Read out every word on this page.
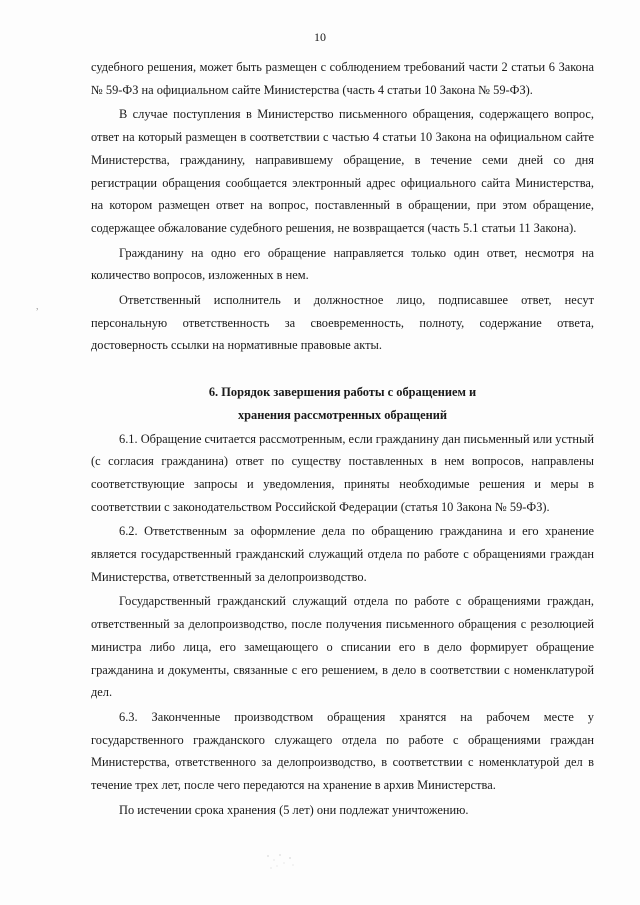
10
,

судебного решения, может быть размещен с соблюдением требований части 2 статьи 6 Закона № 59-ФЗ на официальном сайте Министерства (часть 4 статьи 10 Закона № 59-ФЗ).

В случае поступления в Министерство письменного обращения, содержащего вопрос, ответ на который размещен в соответствии с частью 4 статьи 10 Закона на официальном сайте Министерства, гражданину, направившему обращение, в течение семи дней со дня регистрации обращения сообщается электронный адрес официального сайта Министерства, на котором размещен ответ на вопрос, поставленный в обращении, при этом обращение, содержащее обжалование судебного решения, не возвращается (часть 5.1 статьи 11 Закона).

Гражданину на одно его обращение направляется только один ответ, несмотря на количество вопросов, изложенных в нем.

Ответственный исполнитель и должностное лицо, подписавшее ответ, несут персональную ответственность за своевременность, полноту, содержание ответа, достоверность ссылки на нормативные правовые акты.

6. Порядок завершения работы с обращением и

хранения рассмотренных обращений

6.1. Обращение считается рассмотренным, если гражданину дан письменный или устный (с согласия гражданина) ответ по существу поставленных в нем вопросов, направлены соответствующие запросы и уведомления, приняты необходимые решения и меры в соответствии с законодательством Российской Федерации (статья 10 Закона № 59-ФЗ).

6.2. Ответственным за оформление дела по обращению гражданина и его хранение является государственный гражданский служащий отдела по работе с обращениями граждан Министерства, ответственный за делопроизводство.

Государственный гражданский служащий отдела по работе с обращениями граждан, ответственный за делопроизводство, после получения письменного обращения с резолюцией министра либо лица, его замещающего о списании его в дело формирует обращение гражданина и документы, связанные с его решением, в дело в соответствии с номенклатурой дел.

6.3. Законченные производством обращения хранятся на рабочем месте у государственного гражданского служащего отдела по работе с обращениями граждан Министерства, ответственного за делопроизводство, в соответствии с номенклатурой дел в течение трех лет, после чего передаются на хранение в архив Министерства.

По истечении срока хранения (5 лет) они подлежат уничтожению.
